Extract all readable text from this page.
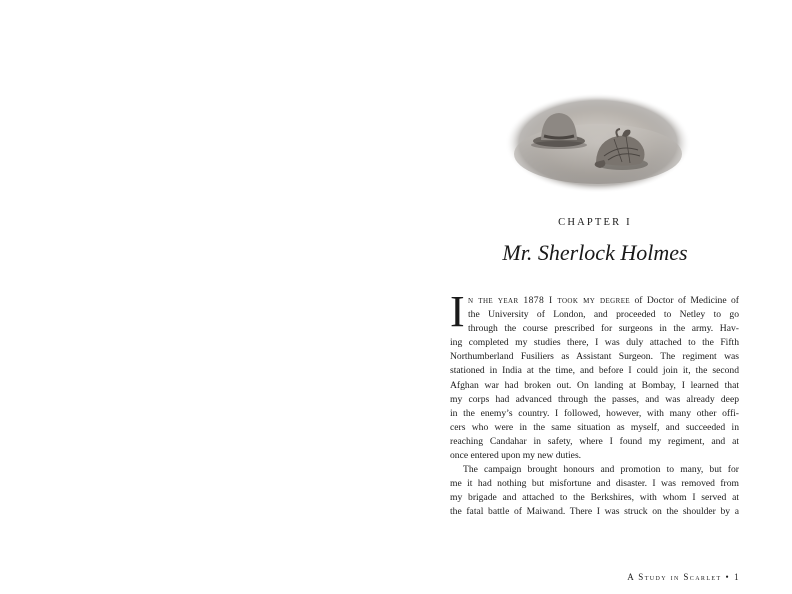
CHAPTER I
Mr. Sherlock Holmes
I n the year 1878 I took my degree of Doctor of Medicine of
the University of London, and proceeded to Netley to go
through the course prescribed for surgeons in the army. Hav-
ing completed my studies there, I was duly attached to the Fifth
Northumberland Fusiliers as Assistant Surgeon. The regiment was
stationed in India at the time, and before I could join it, the second
Afghan war had broken out. On landing at Bombay, I learned that
my corps had advanced through the passes, and was already deep
in the enemy’s country. I followed, however, with many other offi-
cers who were in the same situation as myself, and succeeded in
reaching Candahar in safety, where I found my regiment, and at
once entered upon my new duties.
The campaign brought honours and promotion to many, but for
me it had nothing but misfortune and disaster. I was removed from
my brigade and attached to the Berkshires, with whom I served at
the fatal battle of Maiwand. There I was struck on the shoulder by a
A Study in Scarlet • 1
